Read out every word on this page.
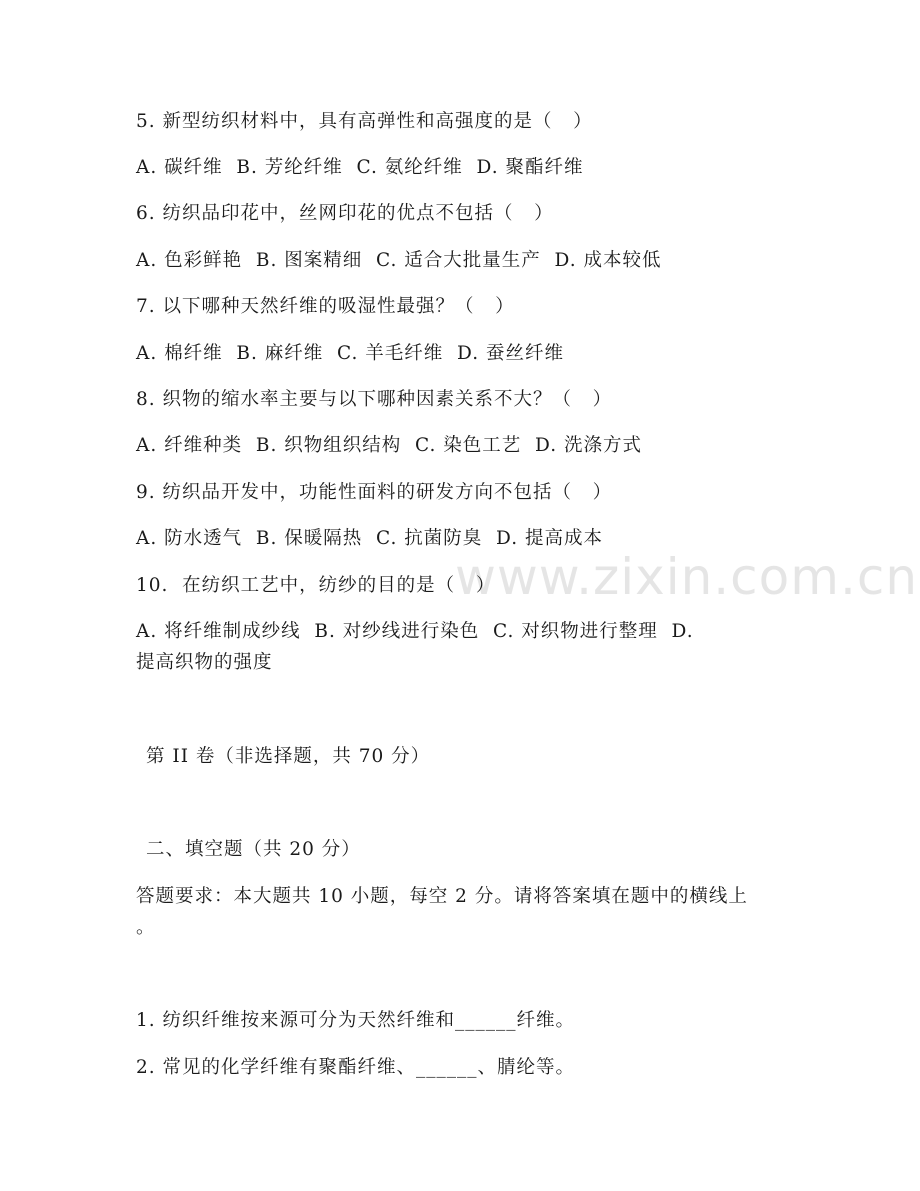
www.zixin.com.cn
5. 新型纺织材料中，具有高弹性和高强度的是（   ）
A. 碳纤维  B. 芳纶纤维  C. 氨纶纤维  D. 聚酯纤维
6. 纺织品印花中，丝网印花的优点不包括（   ）
A. 色彩鲜艳  B. 图案精细  C. 适合大批量生产  D. 成本较低
7. 以下哪种天然纤维的吸湿性最强？（   ）
A. 棉纤维  B. 麻纤维  C. 羊毛纤维  D. 蚕丝纤维
8. 织物的缩水率主要与以下哪种因素关系不大？（   ）
A. 纤维种类  B. 织物组织结构  C. 染色工艺  D. 洗涤方式
9. 纺织品开发中，功能性面料的研发方向不包括（   ）
A. 防水透气  B. 保暖隔热  C. 抗菌防臭  D. 提高成本
10.  在纺织工艺中，纺纱的目的是（   ）
A. 将纤维制成纱线  B. 对纱线进行染色  C. 对织物进行整理  D.
提高织物的强度
第 II 卷（非选择题，共 70 分）
二、填空题（共 20 分）
答题要求：本大题共 10 小题，每空 2 分。请将答案填在题中的横线上
。
1. 纺织纤维按来源可分为天然纤维和______纤维。
2. 常见的化学纤维有聚酯纤维、______、腈纶等。
